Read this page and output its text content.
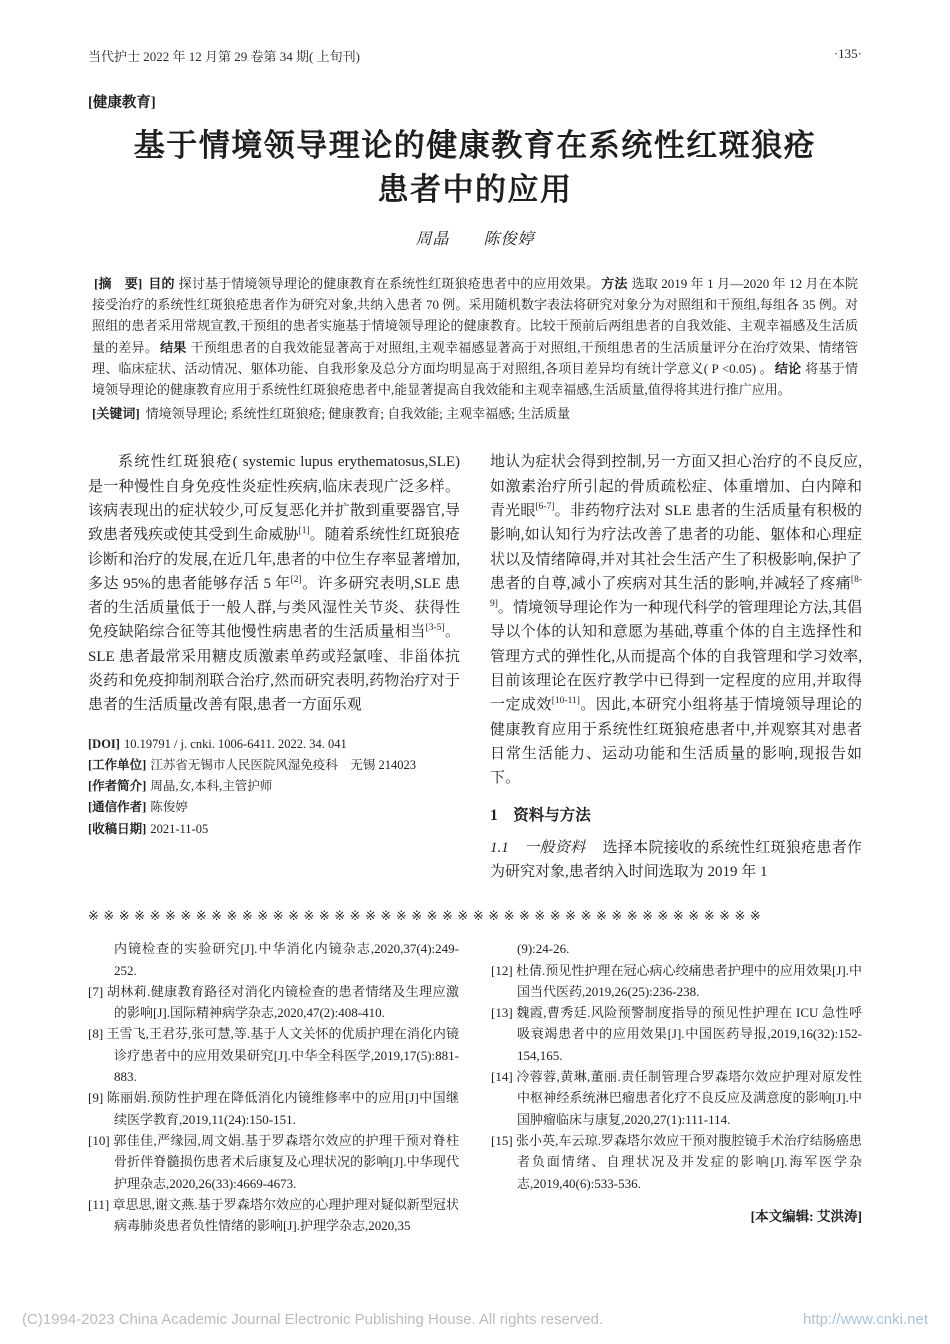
当代护士 2022 年 12 月第 29 卷第 34 期( 上旬刊)	·135·
[健康教育]
基于情境领导理论的健康教育在系统性红斑狼疮
患者中的应用
周晶　　陈俊婷

[摘　要] 目的 探讨基于情境领导理论的健康教育在系统性红斑狼疮患者中的应用效果。 方法 选取 2019 年 1 月—2020 年 12 月在本院接受治疗的系统性红斑狼疮患者作为研究对象,共纳入患者 70 例。采用随机数字表法将研究对象分为对照组和干预组,每组各 35 例。对照组的患者采用常规宣教,干预组的患者实施基于情境领导理论的健康教育。比较干预前后两组患者的自我效能、主观幸福感及生活质量的差异。 结果 干预组患者的自我效能显著高于对照组,主观幸福感显著高于对照组,干预组患者的生活质量评分在治疗效果、情绪管理、临床症状、活动情况、躯体功能、自我形象及总分方面均明显高于对照组,各项目差异均有统计学意义( P <0.05) 。 结论 将基于情境领导理论的健康教育应用于系统性红斑狼疮患者中,能显著提高自我效能和主观幸福感,生活质量,值得将其进行推广应用。

[关键词] 情境领导理论; 系统性红斑狼疮; 健康教育; 自我效能; 主观幸福感; 生活质量

系统性红斑狼疮( systemic lupus erythematosus,SLE) 是一种慢性自身免疫性炎症性疾病,临床表现广泛多样。该病表现出的症状较少,可反复恶化并扩散到重要器官,导致患者残疾或使其受到生命威胁[1]。随着系统性红斑狼疮诊断和治疗的发展,在近几年,患者的中位生存率显著增加,多达 95%的患者能够存活 5 年[2]。许多研究表明,SLE 患者的生活质量低于一般人群,与类风湿性关节炎、获得性免疫缺陷综合征等其他慢性病患者的生活质量相当[3-5]。SLE 患者最常采用糖皮质激素单药或羟氯喹、非甾体抗炎药和免疫抑制剂联合治疗,然而研究表明,药物治疗对于患者的生活质量改善有限,患者一方面乐观

[DOI] 10.19791 / j. cnki. 1006-6411. 2022. 34. 041

[工作单位] 江苏省无锡市人民医院风湿免疫科　无锡 214023

[作者简介] 周晶,女,本科,主管护师

[通信作者] 陈俊婷

[收稿日期] 2021-11-05

地认为症状会得到控制,另一方面又担心治疗的不良反应,如激素治疗所引起的骨质疏松症、体重增加、白内障和青光眼[6-7]。非药物疗法对 SLE 患者的生活质量有积极的影响,如认知行为疗法改善了患者的功能、躯体和心理症状以及情绪障碍,并对其社会生活产生了积极影响,保护了患者的自尊,减小了疾病对其生活的影响,并减轻了疼痛[8-9]。情境领导理论作为一种现代科学的管理理论方法,其倡导以个体的认知和意愿为基础,尊重个体的自主选择性和管理方式的弹性化,从而提高个体的自我管理和学习效率,目前该理论在医疗教学中已得到一定程度的应用,并取得一定成效[10-11]。因此,本研究小组将基于情境领导理论的健康教育应用于系统性红斑狼疮患者中,并观察其对患者日常生活能力、运动功能和生活质量的影响,现报告如下。

1　资料与方法

1.1　一般资料　选择本院接收的系统性红斑狼疮患者作为研究对象,患者纳入时间选取为 2019 年 1

※※※※※※※※※※※※※※※※※※※※※※※※※※※※※※※※※※※※※※※※※※※※

内镜检查的实验研究[J].中华消化内镜杂志,2020,37(4):249-252.

[7] 胡林莉.健康教育路径对消化内镜检查的患者情绪及生理应激的影响[J].国际精神病学杂志,2020,47(2):408-410.

[8] 王雪飞,王君芬,张可慧,等.基于人文关怀的优质护理在消化内镜诊疗患者中的应用效果研究[J].中华全科医学,2019,17(5):881-883.

[9] 陈丽娟.预防性护理在降低消化内镜维修率中的应用[J]中国继续医学教育,2019,11(24):150-151.

[10] 郭佳佳,严缘园,周文娟.基于罗森塔尔效应的护理干预对脊柱骨折伴脊髓损伤患者术后康复及心理状况的影响[J].中华现代护理杂志,2020,26(33):4669-4673.

[11] 章思思,谢文燕.基于罗森塔尔效应的心理护理对疑似新型冠状病毒肺炎患者负性情绪的影响[J].护理学杂志,2020,35

(9):24-26.

[12] 杜倩.预见性护理在冠心病心绞痛患者护理中的应用效果[J].中国当代医药,2019,26(25):236-238.

[13] 魏霞,曹秀廷.风险预警制度指导的预见性护理在 ICU 急性呼吸衰竭患者中的应用效果[J].中国医药导报,2019,16(32):152-154,165.

[14] 冷蓉蓉,黄琳,董丽.责任制管理合罗森塔尔效应护理对原发性中枢神经系统淋巴瘤患者化疗不良反应及满意度的影响[J].中国肿瘤临床与康复,2020,27(1):111-114.

[15] 张小英,车云琼.罗森塔尔效应干预对腹腔镜手术治疗结肠癌患者负面情绪、自理状况及并发症的影响[J].海军医学杂志,2019,40(6):533-536.

[本文编辑: 艾洪涛]
(C)1994-2023 China Academic Journal Electronic Publishing House. All rights reserved.	http://www.cnki.net
